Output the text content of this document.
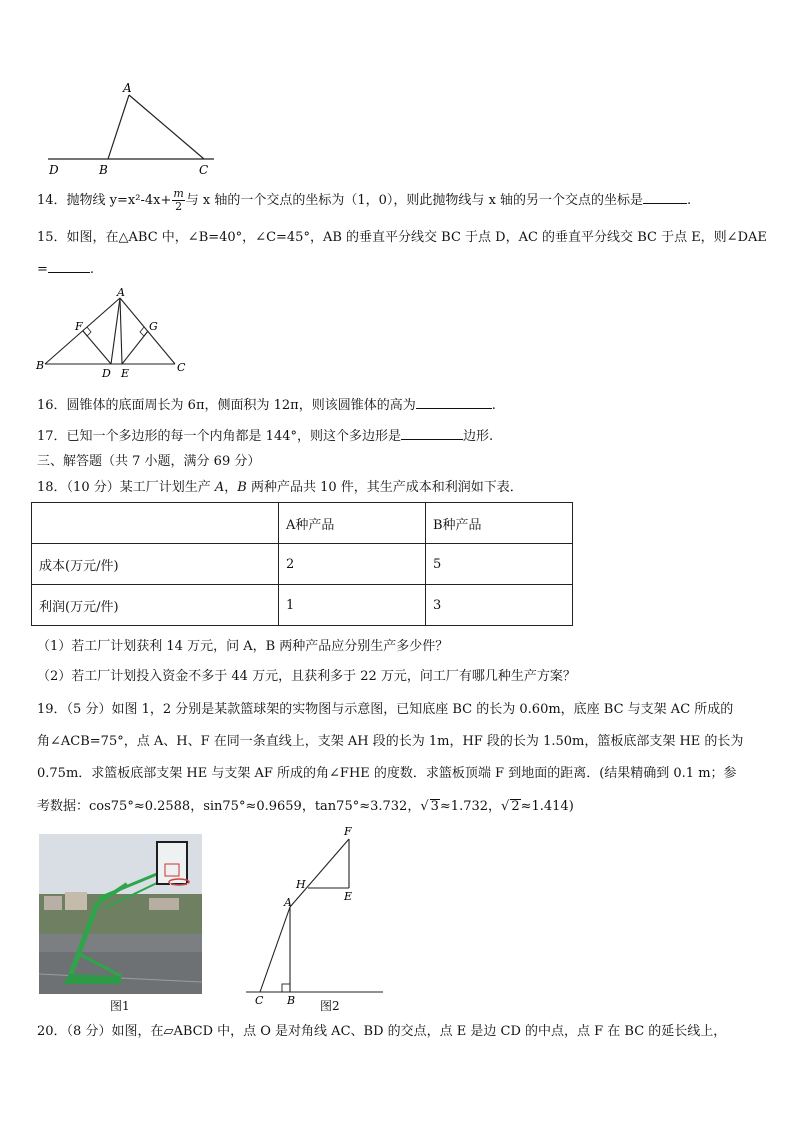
A
D	B	C
14．抛物线 $y=x^2-4x+ \frac{m}{2}$ 与 x 轴的一个交点的坐标为（1，0），则此抛物线与 x 轴的另一个交点的坐标是	.
15．如图，在△ABC 中，∠B=40°，∠C=45°，AB 的垂直平分线交 BC 于点 D，AC 的垂直平分线交 BC 于点 E，则∠DAE
=	.
A
F	G
B
D E	C
16．圆锥体的底面周长为 6π，侧面积为 12π，则该圆锥体的高为	.
17．已知一个多边形的每一个内角都是 144°，则这个多边形是	边形.
三、解答题（共 7 小题，满分 69 分）
18．（10 分）某工厂计划生产 A，B 两种产品共 10 件，其生产成本和利润如下表．
	A种产品	B种产品
成本(万元/件)	2	5
利润(万元/件)	1	3
（1）若工厂计划获利 14 万元，问 A，B 两种产品应分别生产多少件？
（2）若工厂计划投入资金不多于 44 万元，且获利多于 22 万元，问工厂有哪几种生产方案？
19．（5 分）如图 1，2 分别是某款篮球架的实物图与示意图，已知底座 BC 的长为 0.60m，底座 BC 与支架 AC 所成的
角∠ACB=75°，点 A、H、F 在同一条直线上，支架 AH 段的长为 1m，HF 段的长为 1.50m，篮板底部支架 HE 的长为
0.75m．求篮板底部支架 HE 与支架 AF 所成的角∠FHE 的度数．求篮板顶端 F 到地面的距离．(结果精确到 0.1 m；参
考数据：cos75°≈0.2588，sin75°≈0.9659，tan75°≈3.732，√ 3≈1.732，√ 2≈1.414)
图1
F
H
E
A
C B 图2
20．（8 分）如图，在▱ABCD 中，点 O 是对角线 AC、BD 的交点，点 E 是边 CD 的中点，点 F 在 BC 的延长线上，
